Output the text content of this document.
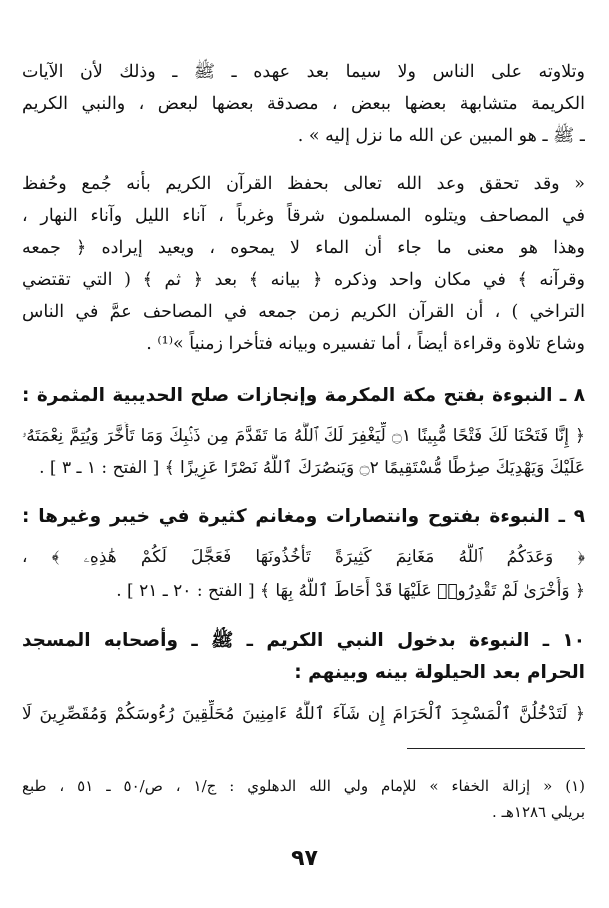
وتلاوته على الناس ولا سيما بعد عهده ـ ﷺ ـ وذلك لأن الآيات
الكريمة متشابهة بعضها ببعض ، مصدقة بعضها لبعض ، والنبي الكريم
ـ ﷺ ـ هو المبين عن الله ما نزل إليه » .
« وقد تحقق وعد الله تعالى بحفظ القرآن الكريم بأنه جُمع وحُفظ
في المصاحف ويتلوه المسلمون شرقاً وغرباً ، آناء الليل وآناء النهار ،
وهذا هو معنى ما جاء أن الماء لا يمحوه ، ويعيد إيراده ﴿ جمعه
وقرآنه ﴾ في مكان واحد وذكره ﴿ بيانه ﴾ بعد ﴿ ثم ﴾ ( التي تقتضي
التراخي ) ، أن القرآن الكريم زمن جمعه في المصاحف عمَّ في الناس
وشاع تلاوة وقراءة أيضاً ، أما تفسيره وبيانه فتأخرا زمنياً »⁽¹⁾ .
٨ ـ النبوءة بفتح مكة المكرمة وإنجازات صلح الحديبية المثمرة :
﴿ إِنَّا فَتَحْنَا لَكَ فَتْحًا مُّبِينًا ۝١ لِّيَغْفِرَ لَكَ ٱللَّهُ مَا تَقَدَّمَ مِن ذَنۢبِكَ وَمَا تَأَخَّرَ وَيُتِمَّ نِعْمَتَهُۥ
عَلَيْكَ وَيَهْدِيَكَ صِرَٰطًا مُّسْتَقِيمًا ۝٢ وَيَنصُرَكَ ٱللَّهُ نَصْرًا عَزِيزًا ﴾ [ الفتح : ١ ـ ٣ ] .
٩ ـ النبوءة بفتوح وانتصارات ومغانم كثيرة في خيبر وغيرها :
﴿ وَعَدَكُمُ ٱللَّهُ مَغَانِمَ كَثِيرَةً تَأْخُذُونَهَا فَعَجَّلَ لَكُمْ هَٰذِهِۦ ﴾ ،
﴿ وَأُخْرَىٰ لَمْ تَقْدِرُوا۟ عَلَيْهَا قَدْ أَحَاطَ ٱللَّهُ بِهَا ﴾ [ الفتح : ٢٠ ـ ٢١ ] .
١٠ ـ النبوءة بدخول النبي الكريم ـ ﷺ ـ وأصحابه المسجد
الحرام بعد الحيلولة بينه وبينهم :
﴿ لَتَدْخُلُنَّ ٱلْمَسْجِدَ ٱلْحَرَامَ إِن شَآءَ ٱللَّهُ ءَامِنِينَ مُحَلِّقِينَ رُءُوسَكُمْ وَمُقَصِّرِينَ لَا
(١) « إزالة الخفاء » للإمام ولي الله الدهلوي : ج/١ ، ص/٥٠ ـ ٥١ ، طبع
بريلي ١٢٨٦هـ .
٩٧
